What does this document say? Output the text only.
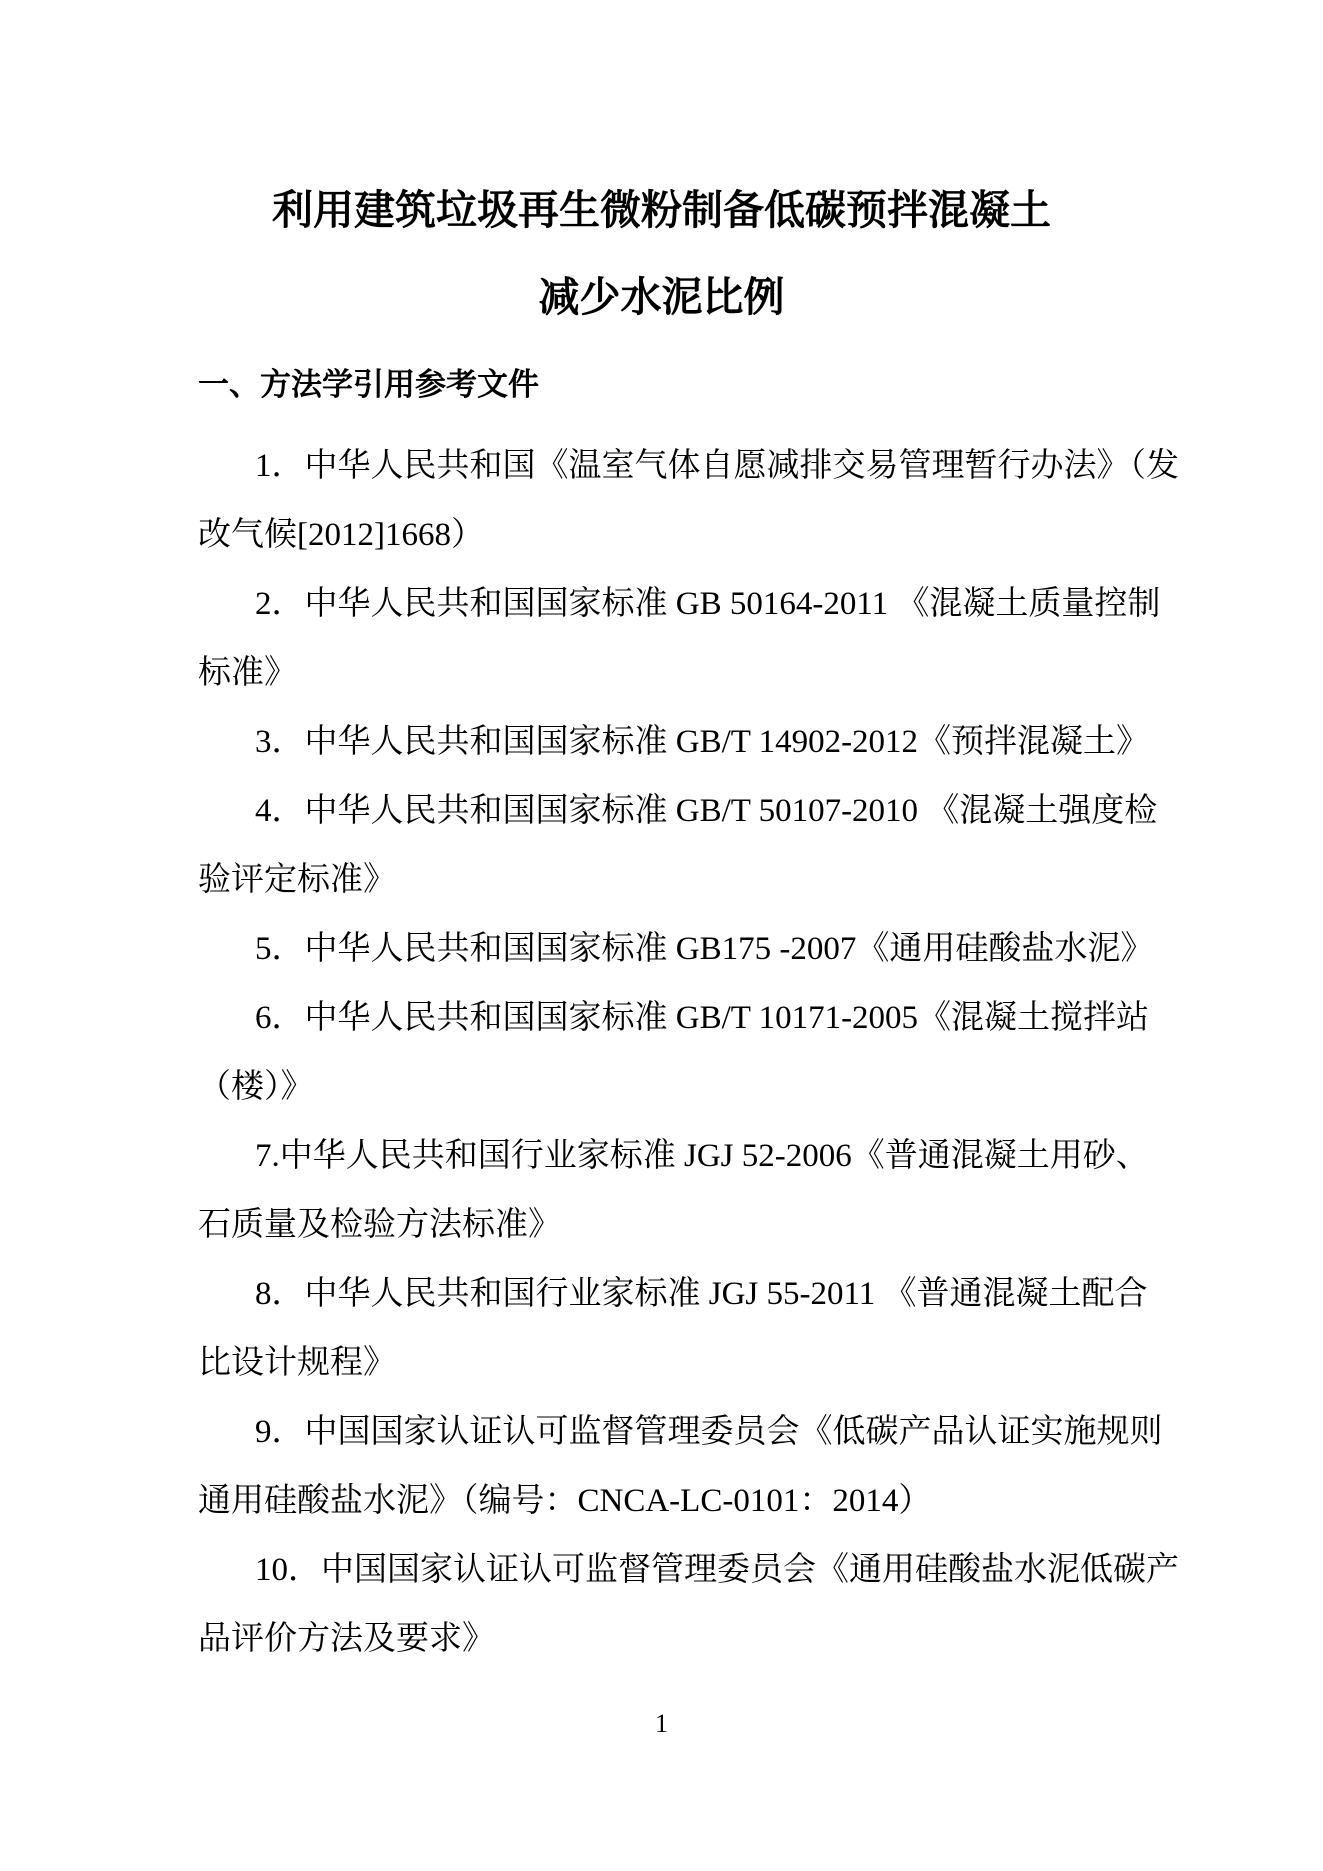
利用建筑垃圾再生微粉制备低碳预拌混凝土
减少水泥比例
一、方法学引用参考文件

1．中华人民共和国《温室气体自愿减排交易管理暂行办法》（发

改气候[2012]1668）

2．中华人民共和国国家标准 GB 50164-2011 《混凝土质量控制

标准》

3．中华人民共和国国家标准 GB/T 14902-2012《预拌混凝土》

4．中华人民共和国国家标准 GB/T 50107-2010 《混凝土强度检

验评定标准》

5．中华人民共和国国家标准 GB175 -2007《通用硅酸盐水泥》

6．中华人民共和国国家标准 GB/T 10171-2005《混凝土搅拌站

（楼）》

7.中华人民共和国行业家标准 JGJ 52-2006《普通混凝土用砂、

石质量及检验方法标准》

8．中华人民共和国行业家标准 JGJ 55-2011 《普通混凝土配合

比设计规程》

9．中国国家认证认可监督管理委员会《低碳产品认证实施规则

通用硅酸盐水泥》（编号：CNCA-LC-0101：2014）

10．中国国家认证认可监督管理委员会《通用硅酸盐水泥低碳产

品评价方法及要求》

1
